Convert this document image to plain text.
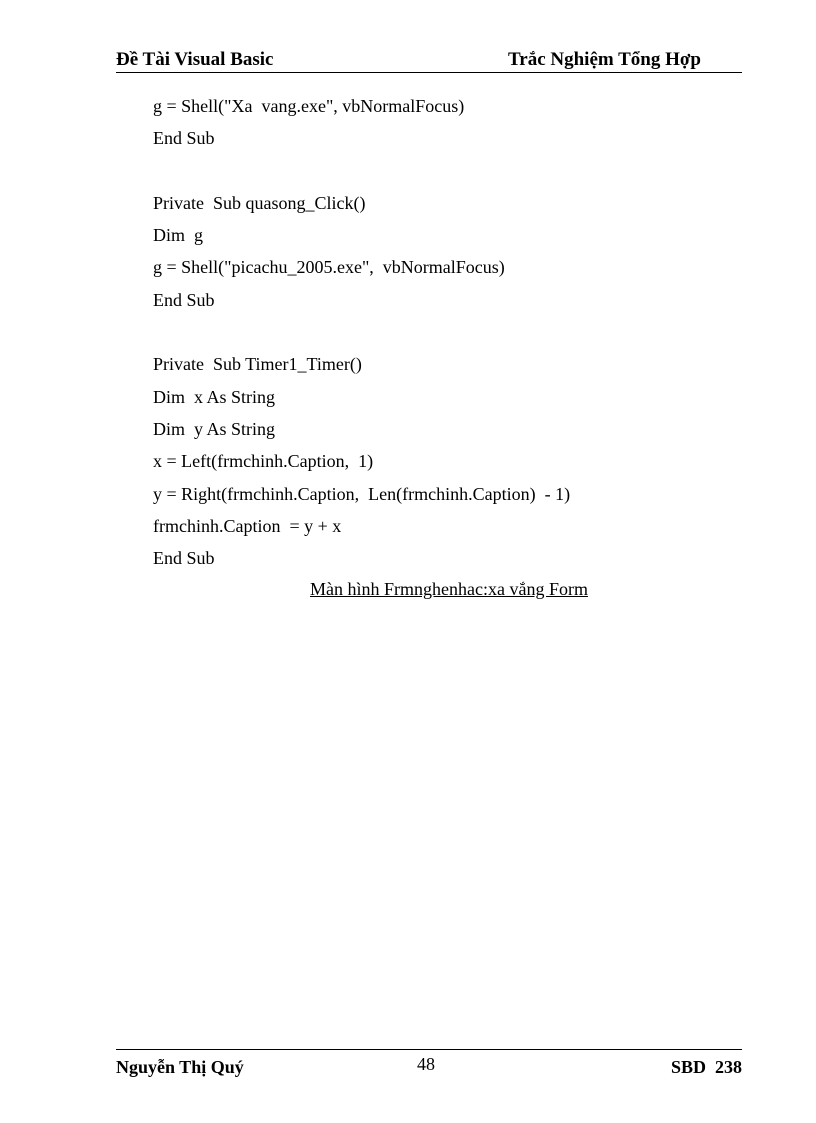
Đề Tài Visual Basic	Trắc Nghiệm Tổng Hợp
g = Shell("Xa  vang.exe", vbNormalFocus)
End Sub
Private  Sub quasong_Click()
Dim  g
g = Shell("picachu_2005.exe",  vbNormalFocus)
End Sub
Private  Sub Timer1_Timer()
Dim  x As String
Dim  y As String
x = Left(frmchinh.Caption,  1)
y = Right(frmchinh.Caption,  Len(frmchinh.Caption)  - 1)
frmchinh.Caption  = y + x
End Sub
Màn hình Frmnghenhac:xa vắng Form
Nguyễn Thị Quý	48	SBD  238
